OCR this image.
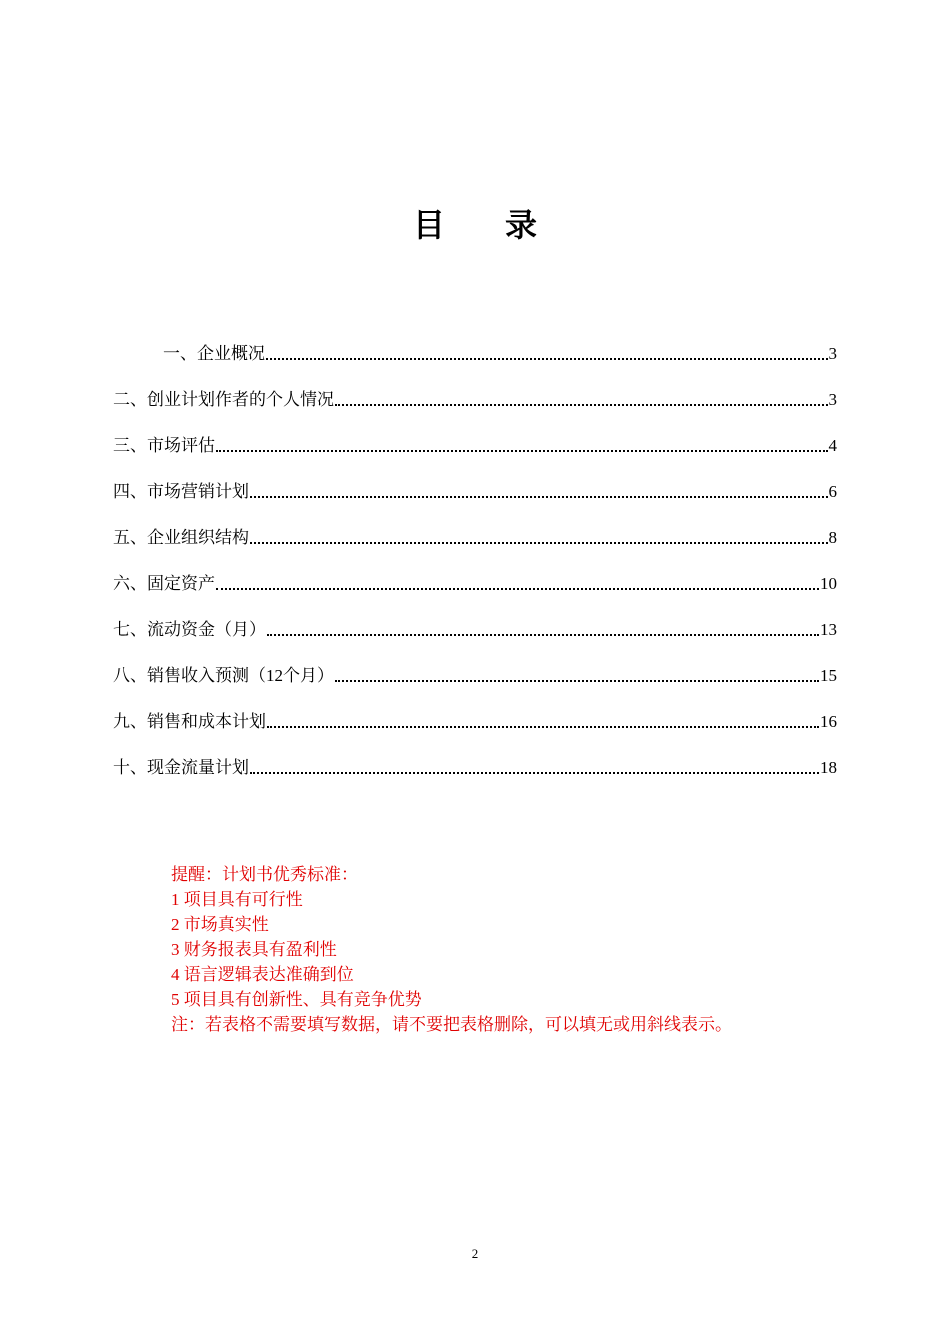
目 录
一、企业概况	3
二、创业计划作者的个人情况	3
三、市场评估	4
四、市场营销计划	6
五、企业组织结构	8
六、固定资产	10
七、流动资金（月）	13
八、销售收入预测（12个月）	15
九、销售和成本计划	16
十、现金流量计划	18
提醒：计划书优秀标准：
1 项目具有可行性
2 市场真实性
3 财务报表具有盈利性
4 语言逻辑表达准确到位
5 项目具有创新性、具有竞争优势
注：若表格不需要填写数据，请不要把表格删除，可以填无或用斜线表示。
2
